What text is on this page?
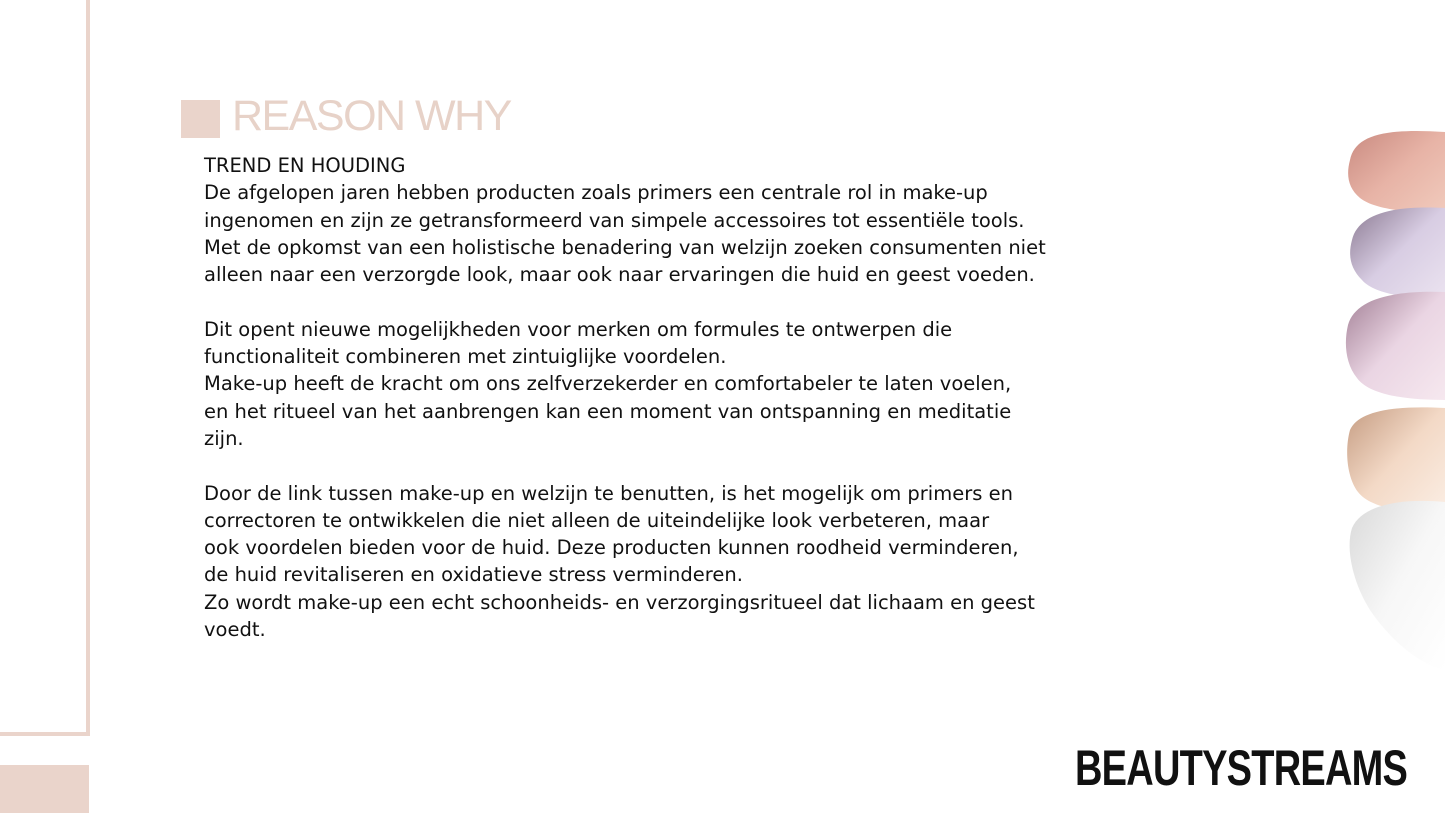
REASON WHY

TREND EN HOUDING

De afgelopen jaren hebben producten zoals primers een centrale rol in make-up
ingenomen en zijn ze getransformeerd van simpele accessoires tot essentiële tools.
Met de opkomst van een holistische benadering van welzijn zoeken consumenten niet
alleen naar een verzorgde look, maar ook naar ervaringen die huid en geest voeden.

Dit opent nieuwe mogelijkheden voor merken om formules te ontwerpen die
functionaliteit combineren met zintuiglijke voordelen.
Make-up heeft de kracht om ons zelfverzekerder en comfortabeler te laten voelen,
en het ritueel van het aanbrengen kan een moment van ontspanning en meditatie
zijn.

Door de link tussen make-up en welzijn te benutten, is het mogelijk om primers en
correctoren te ontwikkelen die niet alleen de uiteindelijke look verbeteren, maar
ook voordelen bieden voor de huid. Deze producten kunnen roodheid verminderen,
de huid revitaliseren en oxidatieve stress verminderen.
Zo wordt make-up een echt schoonheids- en verzorgingsritueel dat lichaam en geest
voedt.

BEAUTYSTREAMS
